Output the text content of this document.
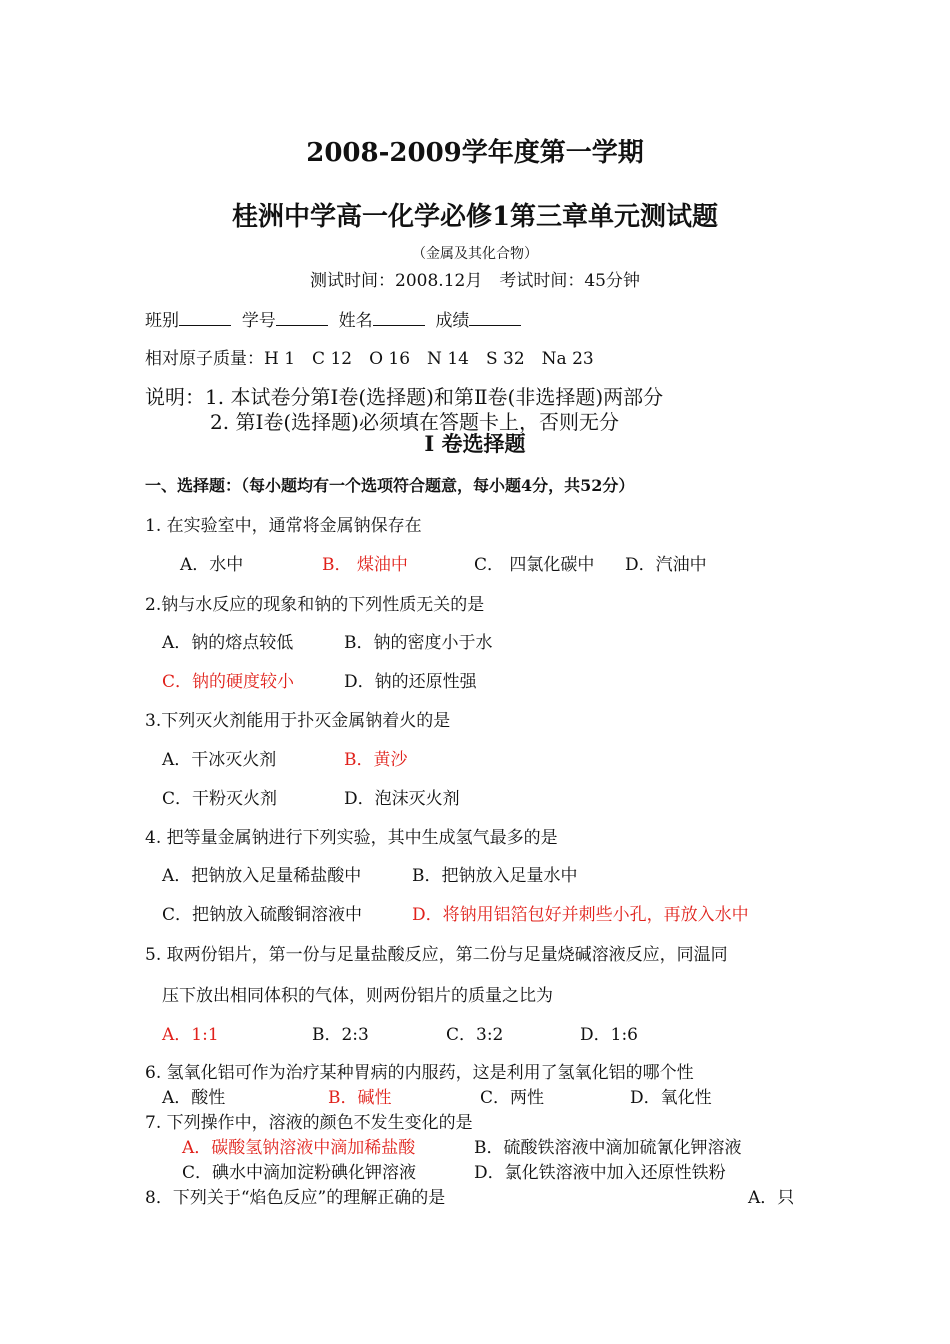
2008-2009学年度第一学期
桂洲中学高一化学必修1第三章单元测试题
（金属及其化合物）
测试时间：2008.12月　考试时间：45分钟
班别	学号	姓名	成绩
相对原子质量：H 1　C 12　O 16　N 14　S 32　Na 23
说明：1. 本试卷分第Ⅰ卷(选择题)和第Ⅱ卷(非选择题)两部分
2. 第Ⅰ卷(选择题)必须填在答题卡上，否则无分
Ⅰ 卷选择题
一、选择题：（每小题均有一个选项符合题意，每小题4分，共52分）
1. 在实验室中，通常将金属钠保存在
A．水中	B． 煤油中	C． 四氯化碳中 D．汽油中
2.钠与水反应的现象和钠的下列性质无关的是
A．钠的熔点较低	B．钠的密度小于水
C．钠的硬度较小	D．钠的还原性强
3.下列灭火剂能用于扑灭金属钠着火的是
A．干冰灭火剂	B．黄沙
C．干粉灭火剂	D．泡沫灭火剂
4. 把等量金属钠进行下列实验，其中生成氢气最多的是
A．把钠放入足量稀盐酸中	B．把钠放入足量水中
C．把钠放入硫酸铜溶液中	D．将钠用铝箔包好并刺些小孔，再放入水中
5. 取两份铝片，第一份与足量盐酸反应，第二份与足量烧碱溶液反应，同温同
压下放出相同体积的气体，则两份铝片的质量之比为
A．1:1	B．2:3	C．3:2	D．1:6
6. 氢氧化铝可作为治疗某种胃病的内服药，这是利用了氢氧化铝的哪个性
A．酸性	B．碱性	C．两性	D．氧化性
7. 下列操作中，溶液的颜色不发生变化的是
A．碳酸氢钠溶液中滴加稀盐酸	B．硫酸铁溶液中滴加硫氰化钾溶液
C．碘水中滴加淀粉碘化钾溶液	D．氯化铁溶液中加入还原性铁粉
8．下列关于“焰色反应”的理解正确的是	A．只
